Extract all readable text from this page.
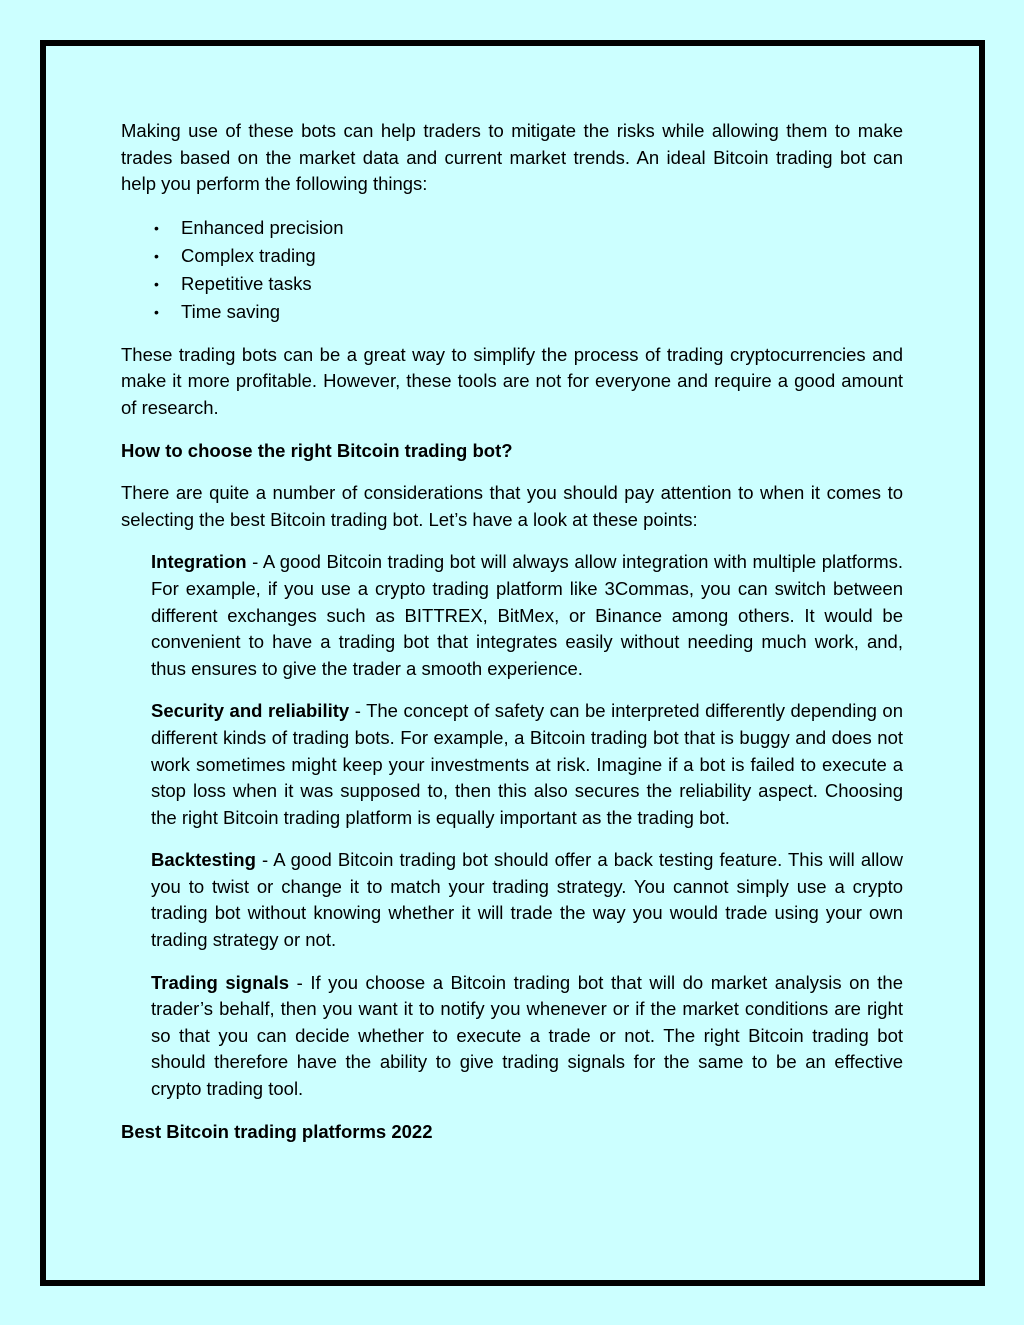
Making use of these bots can help traders to mitigate the risks while allowing them to make trades based on the market data and current market trends. An ideal Bitcoin trading bot can help you perform the following things:

• Enhanced precision
• Complex trading
• Repetitive tasks
• Time saving

These trading bots can be a great way to simplify the process of trading cryptocurrencies and make it more profitable. However, these tools are not for everyone and require a good amount of research.

How to choose the right Bitcoin trading bot?

There are quite a number of considerations that you should pay attention to when it comes to selecting the best Bitcoin trading bot. Let’s have a look at these points:

Integration - A good Bitcoin trading bot will always allow integration with multiple platforms. For example, if you use a crypto trading platform like 3Commas, you can switch between different exchanges such as BITTREX, BitMex, or Binance among others. It would be convenient to have a trading bot that integrates easily without needing much work, and, thus ensures to give the trader a smooth experience.
Security and reliability - The concept of safety can be interpreted differently depending on different kinds of trading bots. For example, a Bitcoin trading bot that is buggy and does not work sometimes might keep your investments at risk. Imagine if a bot is failed to execute a stop loss when it was supposed to, then this also secures the reliability aspect. Choosing the right Bitcoin trading platform is equally important as the trading bot.
Backtesting - A good Bitcoin trading bot should offer a back testing feature. This will allow you to twist or change it to match your trading strategy. You cannot simply use a crypto trading bot without knowing whether it will trade the way you would trade using your own trading strategy or not.
Trading signals - If you choose a Bitcoin trading bot that will do market analysis on the trader’s behalf, then you want it to notify you whenever or if the market conditions are right so that you can decide whether to execute a trade or not. The right Bitcoin trading bot should therefore have the ability to give trading signals for the same to be an effective crypto trading tool.
Best Bitcoin trading platforms 2022
